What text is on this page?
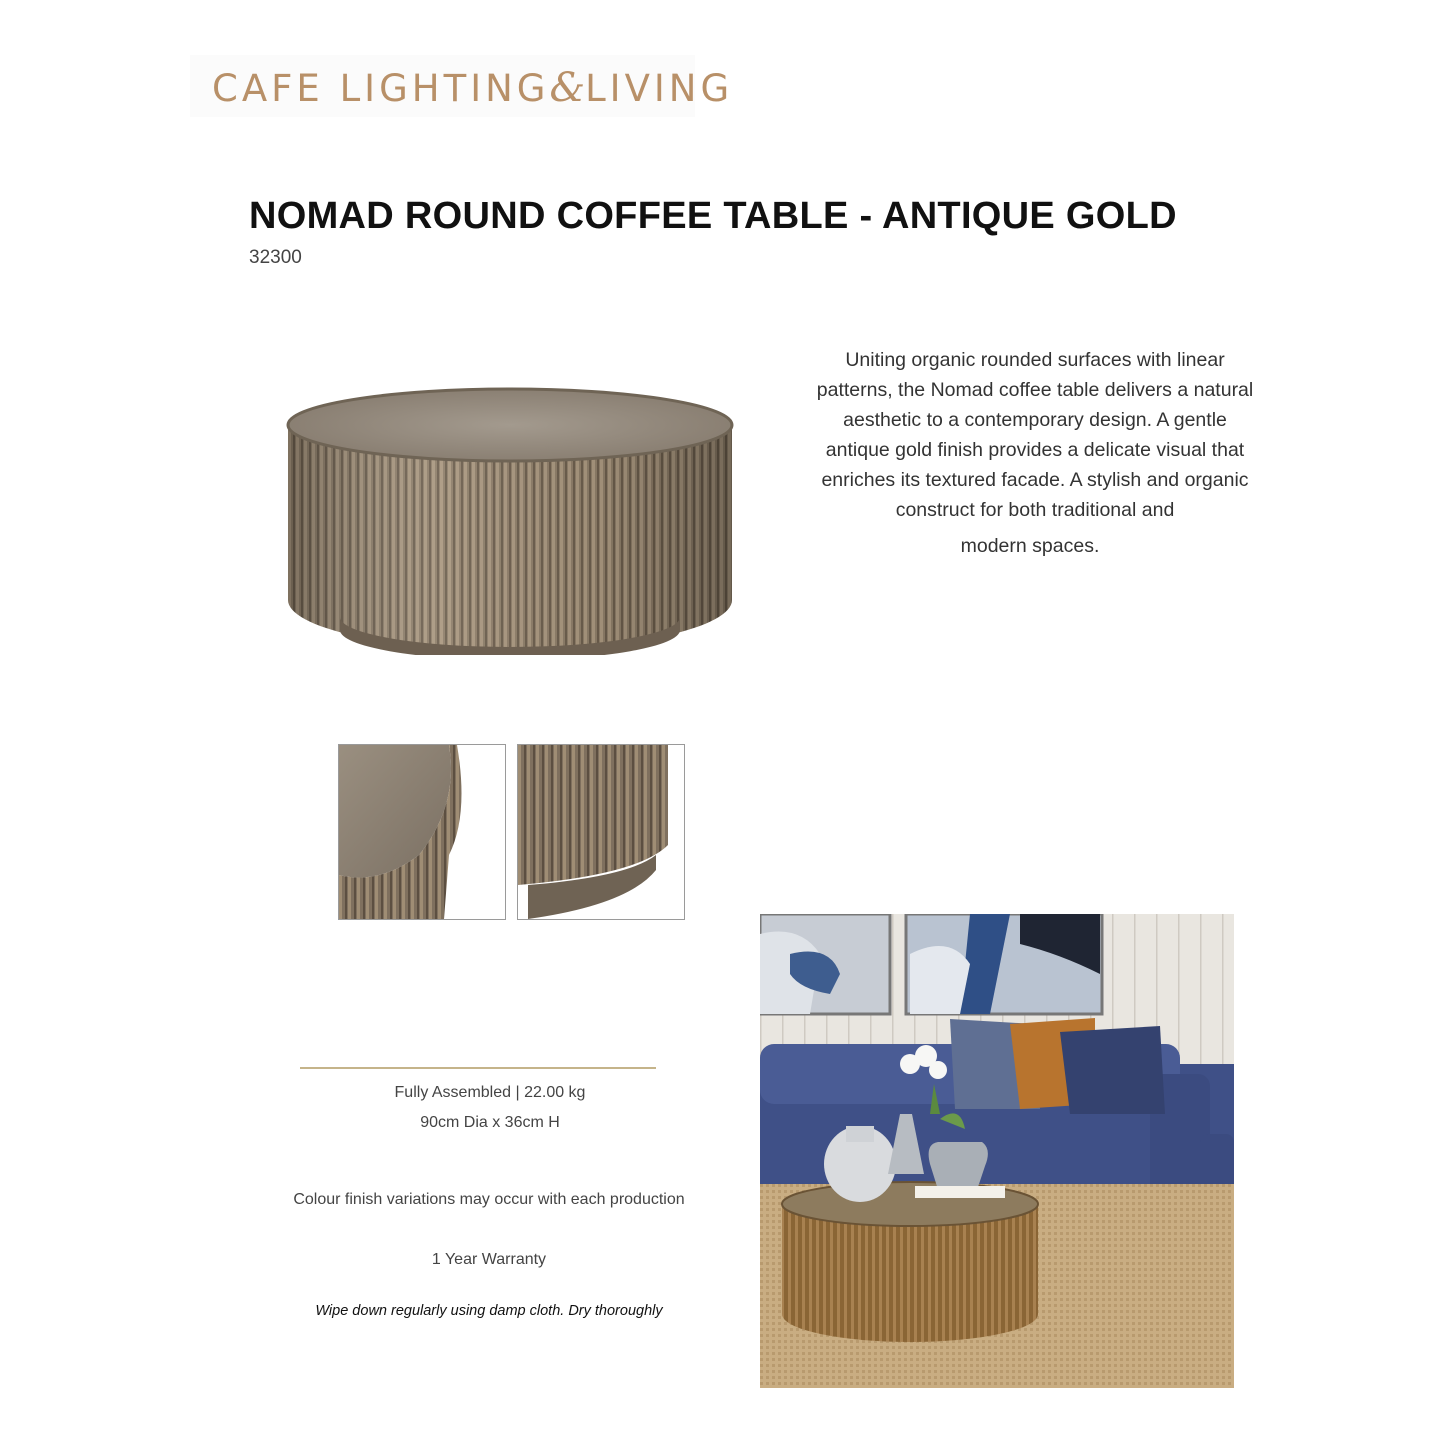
CAFE LIGHTING&LIVING
NOMAD ROUND COFFEE TABLE - ANTIQUE GOLD
32300
Uniting organic rounded surfaces with linear patterns, the Nomad coffee table delivers a natural aesthetic to a contemporary design. A gentle antique gold finish provides a delicate visual that enriches its textured facade. A stylish and organic construct for both traditional and
modern spaces.
Fully Assembled | 22.00 kg
90cm Dia x 36cm H
Colour finish variations may occur with each production
1 Year Warranty
Wipe down regularly using damp cloth. Dry thoroughly
